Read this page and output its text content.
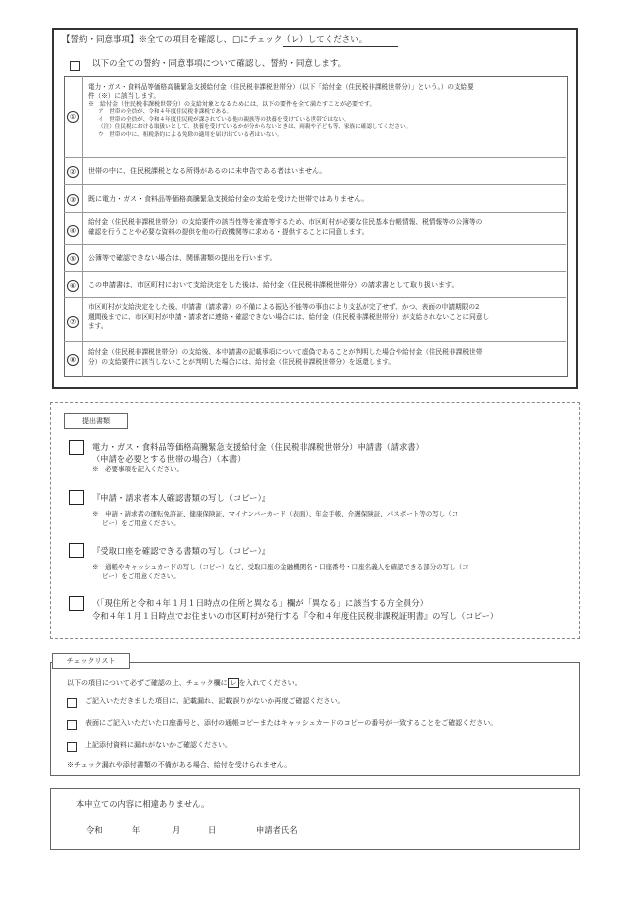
【誓約・同意事項】※全ての項目を確認し、□にチェック（レ）してください。
以下の全ての誓約・同意事項について確認し、誓約・同意します。
①
電力・ガス・食料品等価格高騰緊急支援給付金（住民税非課税世帯分）（以下「給付金（住民税非課税世帯分）」という。）の支給要
件（※）に該当します。
※　給付金（住民税非課税世帯分）の支給対象となるためには、以下の要件を全て満たすことが必要です。
ア　世帯の全員が、令和４年度住民税非課税である。
イ　世帯の全員が、令和４年度住民税が課されている他の親族等の扶養を受けている世帯ではない。
（注）住民税における取扱いとして、扶養を受けているかが分からないときは、両親や子ども等、家族に確認してください。
ウ　世帯の中に、租税条約による免除の適用を届け出ている者はいない。
②	世帯の中に、住民税課税となる所得があるのに未申告である者はいません。
③	既に電力・ガス・食料品等価格高騰緊急支援給付金の支給を受けた世帯ではありません。
④
給付金（住民税非課税世帯分）の支給要件の該当性等を審査等するため、市区町村が必要な住民基本台帳情報、税情報等の公簿等の
確認を行うことや必要な資料の提供を他の行政機関等に求める・提供することに同意します。
⑤	公簿等で確認できない場合は、関係書類の提出を行います。
⑥	この申請書は、市区町村において支給決定をした後は、給付金（住民税非課税世帯分）の請求書として取り扱います。
⑦
市区町村が支給決定をした後、申請書（請求書）の不備による振込不能等の事由により支払が完了せず、かつ、表面の申請期限の2
週間後までに、市区町村が申請・請求者に連絡・確認できない場合には、給付金（住民税非課税世帯分）が支給されないことに同意し
ます。
⑧
給付金（住民税非課税世帯分）の支給後、本申請書の記載事項について虚偽であることが判明した場合や給付金（住民税非課税世帯
分）の支給要件に該当しないことが判明した場合には、給付金（住民税非課税世帯分）を返還します。
提出書類
電力・ガス・食料品等価格高騰緊急支援給付金（住民税非課税世帯分）申請書（請求書）
（申請を必要とする世帯の場合）（本書）
※　必要事項を記入ください。
『申請・請求者本人確認書類の写し（コピー）』
※　申請・請求者の運転免許証、健康保険証、マイナンバーカード（表面）、年金手帳、介護保険証、パスポート等の写し（コ
ピー）をご用意ください。
『受取口座を確認できる書類の写し（コピー）』
※　通帳やキャッシュカードの写し（コピー）など、受取口座の金融機関名・口座番号・口座名義人を確認できる部分の写し（コ
ピー）をご用意ください。
（「現住所と令和４年１月１日時点の住所と異なる」欄が「異なる」に該当する方全員分）
令和４年１月１日時点でお住まいの市区町村が発行する『令和４年度住民税非課税証明書』の写し（コピー）
チェックリスト
以下の項目について必ずご確認の上、チェック欄に レ を入れてください。
ご記入いただきました項目に、記載漏れ、記載誤りがないか再度ご確認ください。
表面にご記入いただいた口座番号と、添付の通帳コピーまたはキャッシュカードのコピーの番号が一致することをご確認ください。
上記添付資料に漏れがないかご確認ください。
※チェック漏れや添付書類の不備がある場合、給付を受けられません。
本申立ての内容に相違ありません。
令和	年	月	日	申請者氏名
